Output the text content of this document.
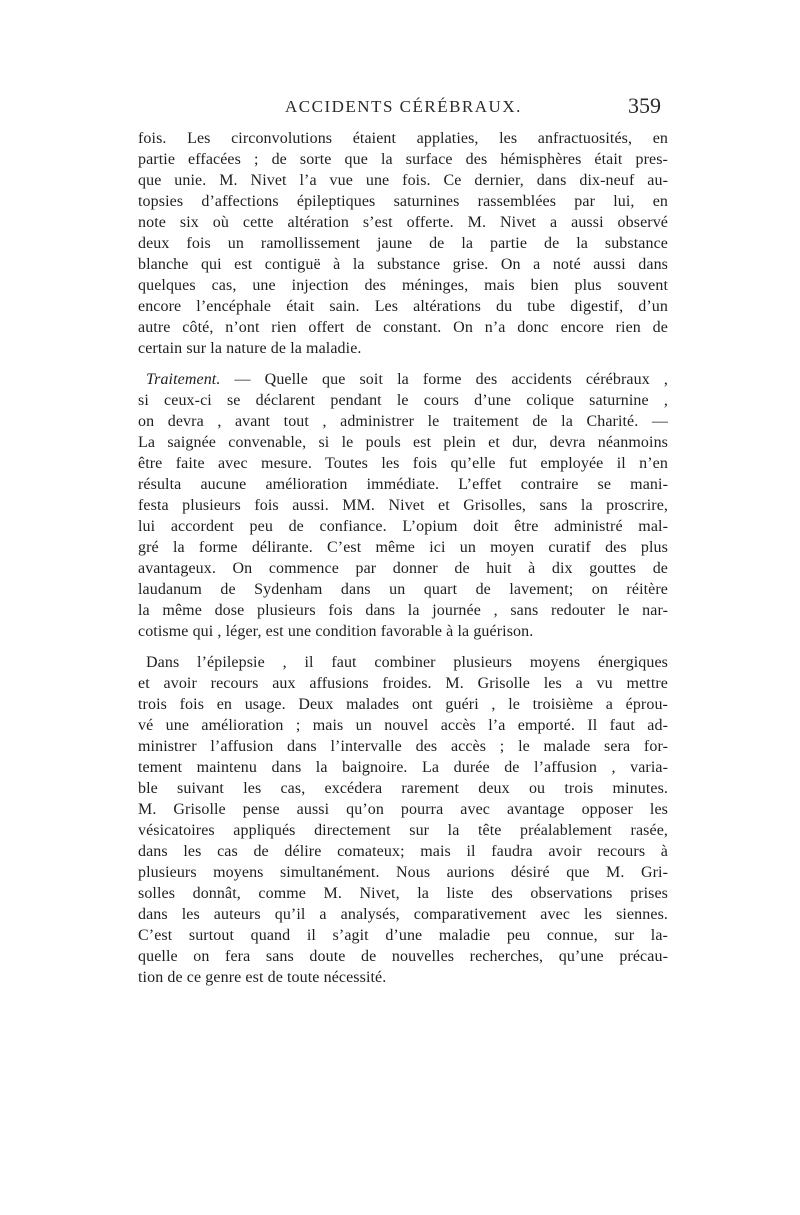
ACCIDENTS CÉRÉBRAUX.	359
fois. Les circonvolutions étaient applaties, les anfractuosités, en
partie effacées ; de sorte que la surface des hémisphères était pres-
que unie. M. Nivet l’a vue une fois. Ce dernier, dans dix-neuf au-
topsies d’affections épileptiques saturnines rassemblées par lui, en
note six où cette altération s’est offerte. M. Nivet a aussi observé
deux fois un ramollissement jaune de la partie de la substance
blanche qui est contiguë à la substance grise. On a noté aussi dans
quelques cas, une injection des méninges, mais bien plus souvent
encore l’encéphale était sain. Les altérations du tube digestif, d’un
autre côté, n’ont rien offert de constant. On n’a donc encore rien de
certain sur la nature de la maladie.
Traitement. — Quelle que soit la forme des accidents cérébraux ,
si ceux-ci se déclarent pendant le cours d’une colique saturnine ,
on devra , avant tout , administrer le traitement de la Charité. —
La saignée convenable, si le pouls est plein et dur, devra néanmoins
être faite avec mesure. Toutes les fois qu’elle fut employée il n’en
résulta aucune amélioration immédiate. L’effet contraire se mani-
festa plusieurs fois aussi. MM. Nivet et Grisolles, sans la proscrire,
lui accordent peu de confiance. L’opium doit être administré mal-
gré la forme délirante. C’est même ici un moyen curatif des plus
avantageux. On commence par donner de huit à dix gouttes de
laudanum de Sydenham dans un quart de lavement; on réitère
la même dose plusieurs fois dans la journée , sans redouter le nar-
cotisme qui , léger, est une condition favorable à la guérison.
Dans l’épilepsie , il faut combiner plusieurs moyens énergiques
et avoir recours aux affusions froides. M. Grisolle les a vu mettre
trois fois en usage. Deux malades ont guéri , le troisième a éprou-
vé une amélioration ; mais un nouvel accès l’a emporté. Il faut ad-
ministrer l’affusion dans l’intervalle des accès ; le malade sera for-
tement maintenu dans la baignoire. La durée de l’affusion , varia-
ble suivant les cas, excédera rarement deux ou trois minutes.
M. Grisolle pense aussi qu’on pourra avec avantage opposer les
vésicatoires appliqués directement sur la tête préalablement rasée,
dans les cas de délire comateux; mais il faudra avoir recours à
plusieurs moyens simultanément. Nous aurions désiré que M. Gri-
solles donnât, comme M. Nivet, la liste des observations prises
dans les auteurs qu’il a analysés, comparativement avec les siennes.
C’est surtout quand il s’agit d’une maladie peu connue, sur la-
quelle on fera sans doute de nouvelles recherches, qu’une précau-
tion de ce genre est de toute nécessité.
